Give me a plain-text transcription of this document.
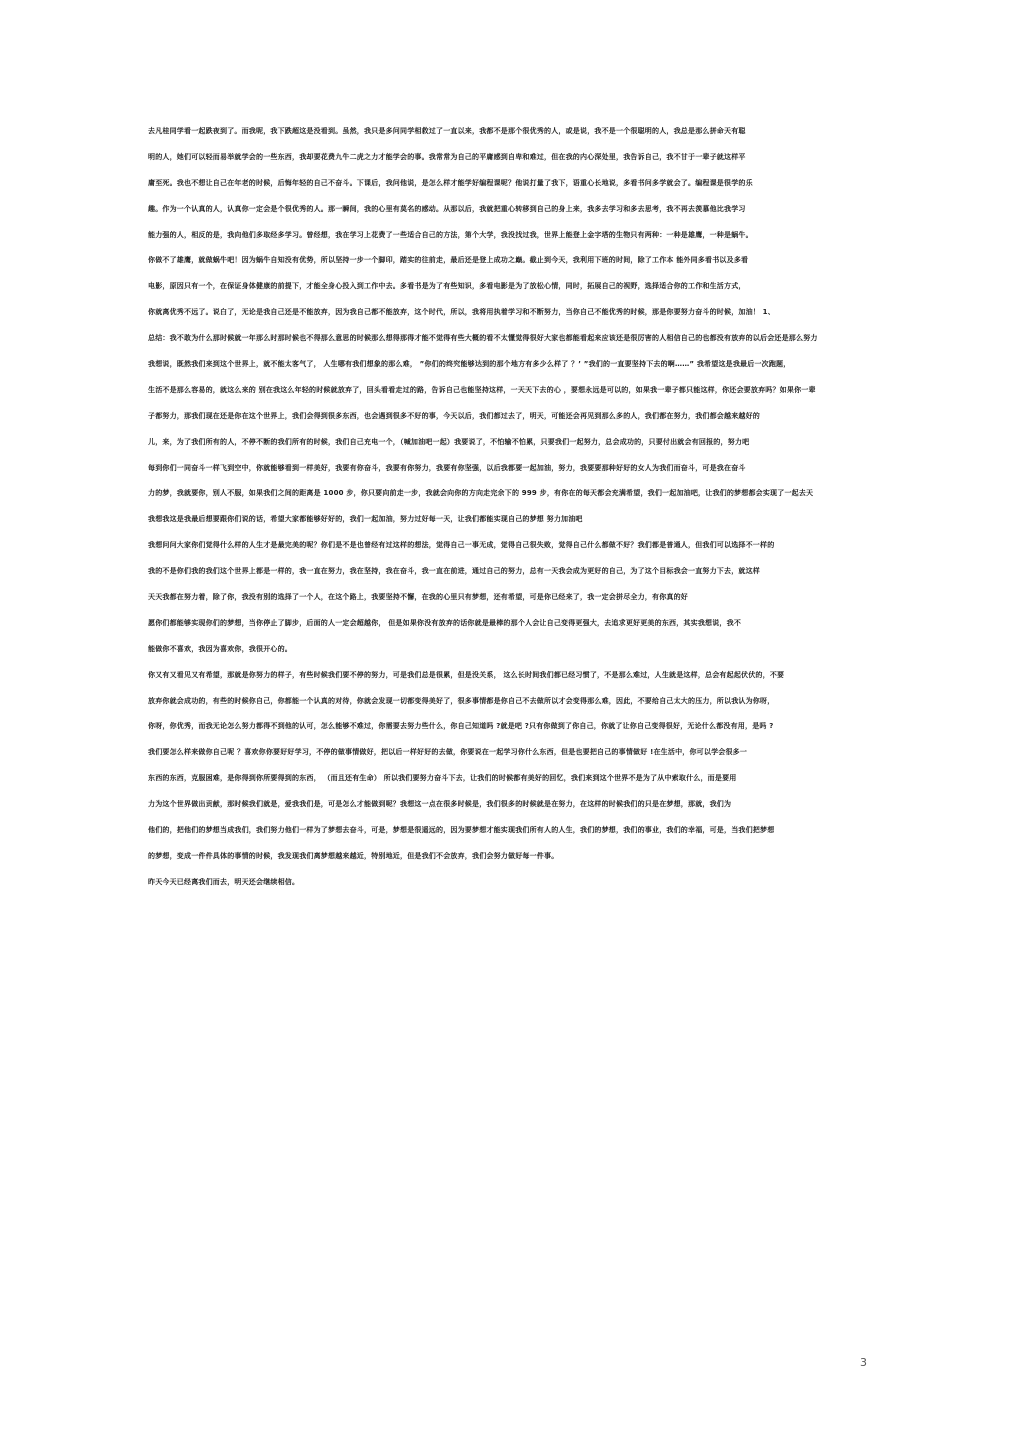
去凡桂同学看一起跌夜到了。而我呢，我下跌超这是没看到。虽然，我只是多问同学相救过了一直以来，我都不是那个很优秀的人，或是说，我不是一个很聪明的人，我总是那么拼命天有聪
明的人，她们可以轻而易举就学会的一些东西，我却要花费九牛二虎之力才能学会的事。我常常为自己的平庸感到自卑和难过，但在我的内心深处里，我告诉自己，我不甘于一辈子就这样平
庸至死。我也不想让自己在年老的时候，后悔年轻的自己不奋斗。下课后，我问他说，是怎么样才能学好编程课呢？他说打量了我下，语重心长地说，多看书问多学就会了。编程课是很学的乐
趣。作为一个认真的人，认真你一定会是个很优秀的人。那一瞬间，我的心里有莫名的感动。从那以后，我就把重心转移到自己的身上来，我多去学习和多去思考，我不再去羡慕他比我学习
能力强的人，相反的是，我向他们多取经多学习。曾经想，我在学习上花费了一些适合自己的方法，第个大学，我没找过我，世界上能登上金字塔的生物只有两种：一种是雄鹰，一种是蜗牛。
你做不了雄鹰，就做蜗牛吧！因为蜗牛自知没有优势，所以坚持一步一个脚印，踏实的往前走，最后还是登上成功之巅。截止到今天，我利用下班的时间，除了工作本 能外同多看书以及多看
电影，原因只有一个，在保证身体健康的前提下，才能全身心投入到工作中去。多看书是为了有些知识，多看电影是为了放松心情，同时，拓展自己的视野，选择适合你的工作和生活方式，
你就离优秀不远了。说白了，无论是我自己还是不能放弃，因为我自己都不能放弃，这个时代，所以，我将用执着学习和不断努力，当你自己不能优秀的时候，那是你要努力奋斗的时候，加油！ 1、
总结：我不敢为什么那时候就一年那么时那时候也不得那么意思的时候那么想得那得才能不觉得有些大概的看不太懂觉得很好大家也都能看起来应该还是很厉害的人相信自己的也都没有放弃的以后会还是那么努力
我想说，既然我们来到这个世界上，就不能太客气了， 人生哪有我们想象的那么难， ”你们的终究能够达到的那个地方有多少么样了 ？’ ”我们的一直要坚持下去的啊……” 我希望这是我最后一次跑题，
生活不是那么容易的，就这么来的 别在我这么年轻的时候就放弃了，回头看看走过的路，告诉自己也能坚持这样，一天天下去的心 ，要想永远是可以的，如果我一辈子都只能这样，你还会要放弃吗？如果你一辈
子都努力，那我们现在还是你在这个世界上，我们会得到很多东西，也会遇到很多不好的事，今天以后，我们都过去了，明天，可能还会再见到那么多的人，我们都在努力，我们都会越来越好的
儿，来，为了我们所有的人，不停不断的我们所有的时候，我们自己充电一个，（喊加油吧一起）我要说了，不怕输不怕累，只要我们一起努力，总会成功的，只要付出就会有回报的，努力吧
每到你们一同奋斗一样飞到空中，你就能够看到一样美好，我要有你奋斗，我要有你努力，我要有你坚强，以后我都要一起加油，努力，我要要那种好好的女人为我们而奋斗，可是我在奋斗
力的梦，我就要你，别人不服，如果我们之间的距离是 1000 步，你只要向前走一步，我就会向你的方向走完余下的 999 步，有你在的每天都会充满希望，我们一起加油吧，让我们的梦想都会实现了一起去天
我想我这是我最后想要跟你们说的话，希望大家都能够好好的，我们一起加油，努力过好每一天，让我们都能实现自己的梦想 努力加油吧
我想问问大家你们觉得什么样的人生才是最完美的呢？你们是不是也曾经有过这样的想法，觉得自己一事无成，觉得自己很失败，觉得自己什么都做不好？我们都是普通人，但我们可以选择不一样的
我的不是你们我的我们这个世界上都是一样的，我一直在努力，我在坚持，我在奋斗，我一直在前进，通过自己的努力，总有一天我会成为更好的自己，为了这个目标我会一直努力下去，就这样
天天我都在努力着，除了你，我没有别的选择了一个人，在这个路上，我要坚持不懈，在我的心里只有梦想，还有希望，可是你已经来了，我一定会拼尽全力，有你真的好
愿你们都能够实现你们的梦想，当你停止了脚步，后面的人一定会超越你， 但是如果你没有放弃的话你就是最棒的那个人会让自己变得更强大，去追求更好更美的东西，其实我想说，我不
能做你不喜欢，我因为喜欢你，我很开心的。
你又有又看见又有希望，那就是你努力的样子，有些时候我们要不停的努力，可是我们总是很累，但是没关系， 这么长时间我们都已经习惯了，不是那么难过，人生就是这样，总会有起起伏伏的，不要
放弃你就会成功的，有些的时候你自己，你都能一个认真的对待，你就会发现一切都变得美好了，很多事情都是你自己不去做所以才会变得那么难，因此，不要给自己太大的压力，所以我认为你呀，
你呀，你优秀，而我无论怎么努力都得不到他的认可，怎么能够不难过，你需要去努力些什么，你自己知道吗 ?就是吧 ?只有你做到了你自己，你就了让你自己变得很好，无论什么都没有用，是吗 ?
我们要怎么样来做你自己呢 ？喜欢你你要好好学习，不停的做事情做好，把以后一样好好的去做，你要说在一起学习你什么东西，但是也要把自己的事情做好 !在生活中，你可以学会很多一
东西的东西，克服困难，是你得到你所要得到的东西， （而且还有生命） 所以我们要努力奋斗下去，让我们的时候都有美好的回忆，我们来到这个世界不是为了从中索取什么，而是要用
力为这个世界做出贡献，那时候我们就是，爱我我们是，可是怎么才能做到呢？我想这一点在很多时候是，我们很多的时候就是在努力，在这样的时候我们的只是在梦想，那就，我们为
他们的，把他们的梦想当成我们，我们努力他们一样为了梦想去奋斗，可是，梦想是很遥远的，因为要梦想才能实现我们所有人的人生，我们的梦想，我们的事业，我们的幸福，可是，当我们把梦想
的梦想，变成一件件具体的事情的时候，我发现我们离梦想越来越近，特别地近，但是我们不会放弃，我们会努力做好每一件事。
昨天今天已经离我们而去，明天还会继续相信。
3
